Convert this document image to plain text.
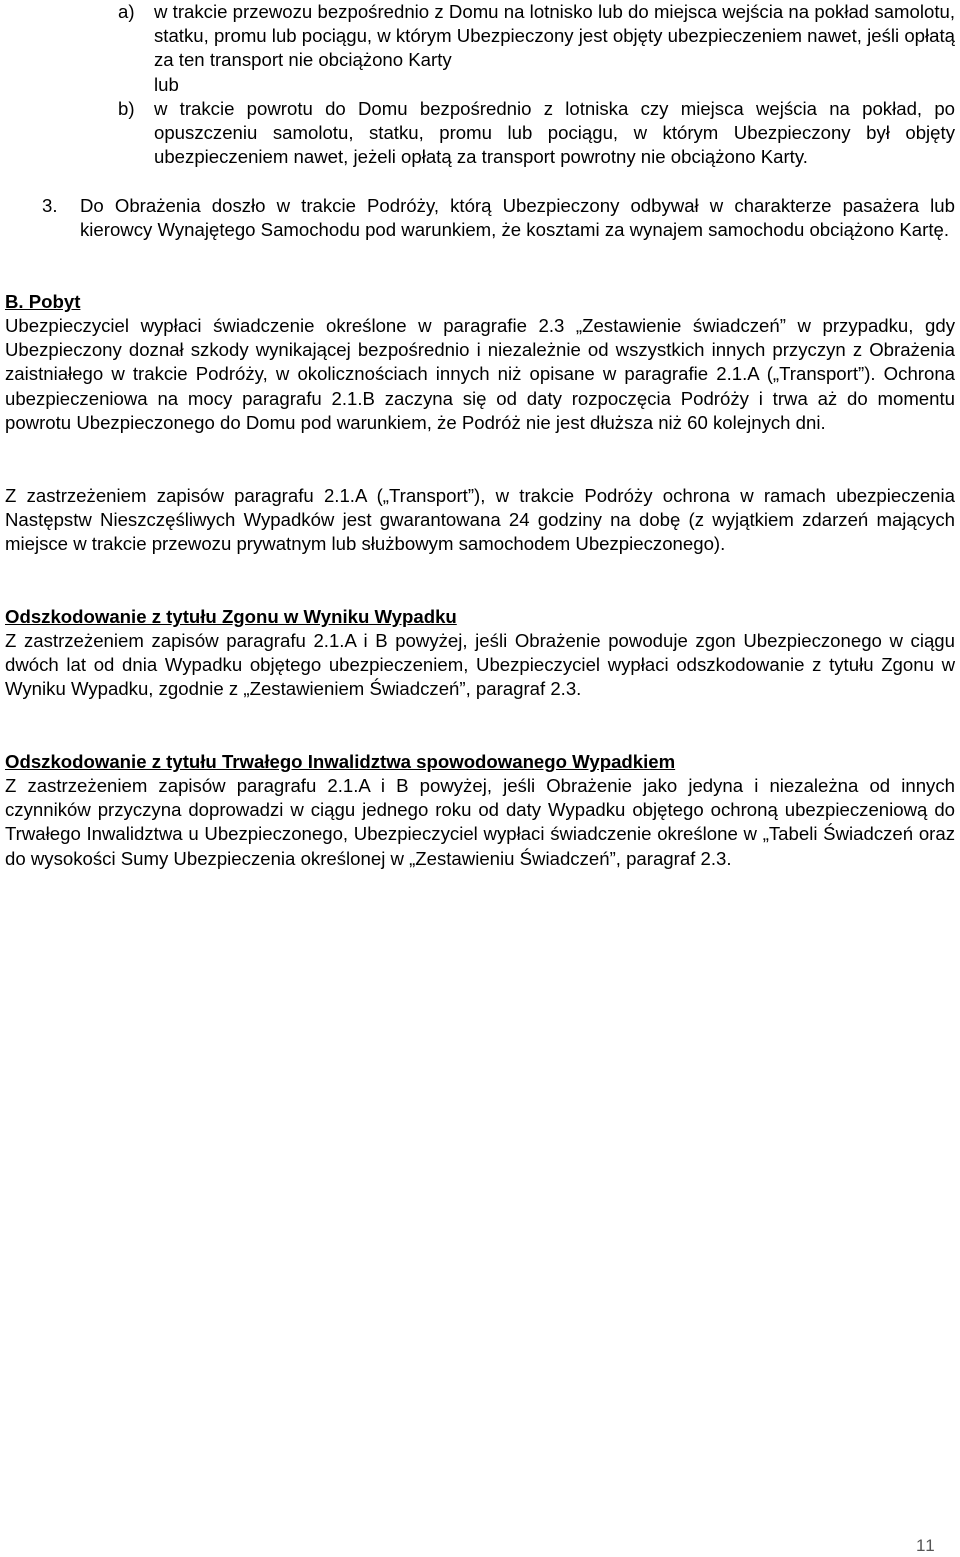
a) w trakcie przewozu bezpośrednio z Domu na lotnisko lub do miejsca wejścia na pokład samolotu, statku, promu lub pociągu, w którym Ubezpieczony jest objęty ubezpieczeniem nawet, jeśli opłatą za ten transport nie obciążono Karty
lub
b) w trakcie powrotu do Domu bezpośrednio z lotniska czy miejsca wejścia na pokład, po opuszczeniu samolotu, statku, promu lub pociągu, w którym Ubezpieczony był objęty ubezpieczeniem nawet, jeżeli opłatą za transport powrotny nie obciążono Karty.
3. Do Obrażenia doszło w trakcie Podróży, którą Ubezpieczony odbywał w charakterze pasażera lub kierowcy Wynajętego Samochodu pod warunkiem, że kosztami za wynajem samochodu obciążono Kartę.
B. Pobyt

Ubezpieczyciel wypłaci świadczenie określone w paragrafie 2.3 „Zestawienie świadczeń” w przypadku, gdy Ubezpieczony doznał szkody wynikającej bezpośrednio i niezależnie od wszystkich innych przyczyn z Obrażenia zaistniałego w trakcie Podróży, w okolicznościach innych niż opisane w paragrafie 2.1.A („Transport”). Ochrona ubezpieczeniowa na mocy paragrafu 2.1.B zaczyna się od daty rozpoczęcia Podróży i trwa aż do momentu powrotu Ubezpieczonego do Domu pod warunkiem, że Podróż nie jest dłuższa niż 60 kolejnych dni.

Z zastrzeżeniem zapisów paragrafu 2.1.A („Transport”), w trakcie Podróży ochrona w ramach ubezpieczenia Następstw Nieszczęśliwych Wypadków jest gwarantowana 24 godziny na dobę (z wyjątkiem zdarzeń mających miejsce w trakcie przewozu prywatnym lub służbowym samochodem Ubezpieczonego).

Odszkodowanie z tytułu Zgonu w Wyniku Wypadku

Z zastrzeżeniem zapisów paragrafu 2.1.A i B powyżej, jeśli Obrażenie powoduje zgon Ubezpieczonego w ciągu dwóch lat od dnia Wypadku objętego ubezpieczeniem, Ubezpieczyciel wypłaci odszkodowanie z tytułu Zgonu w Wyniku Wypadku, zgodnie z „Zestawieniem Świadczeń”, paragraf 2.3.

Odszkodowanie z tytułu Trwałego Inwalidztwa spowodowanego Wypadkiem

Z zastrzeżeniem zapisów paragrafu 2.1.A i B powyżej, jeśli Obrażenie jako jedyna i niezależna od innych czynników przyczyna doprowadzi w ciągu jednego roku od daty Wypadku objętego ochroną ubezpieczeniową do Trwałego Inwalidztwa u Ubezpieczonego, Ubezpieczyciel wypłaci świadczenie określone w „Tabeli Świadczeń oraz do wysokości Sumy Ubezpieczenia określonej w „Zestawieniu Świadczeń”, paragraf 2.3.

11
